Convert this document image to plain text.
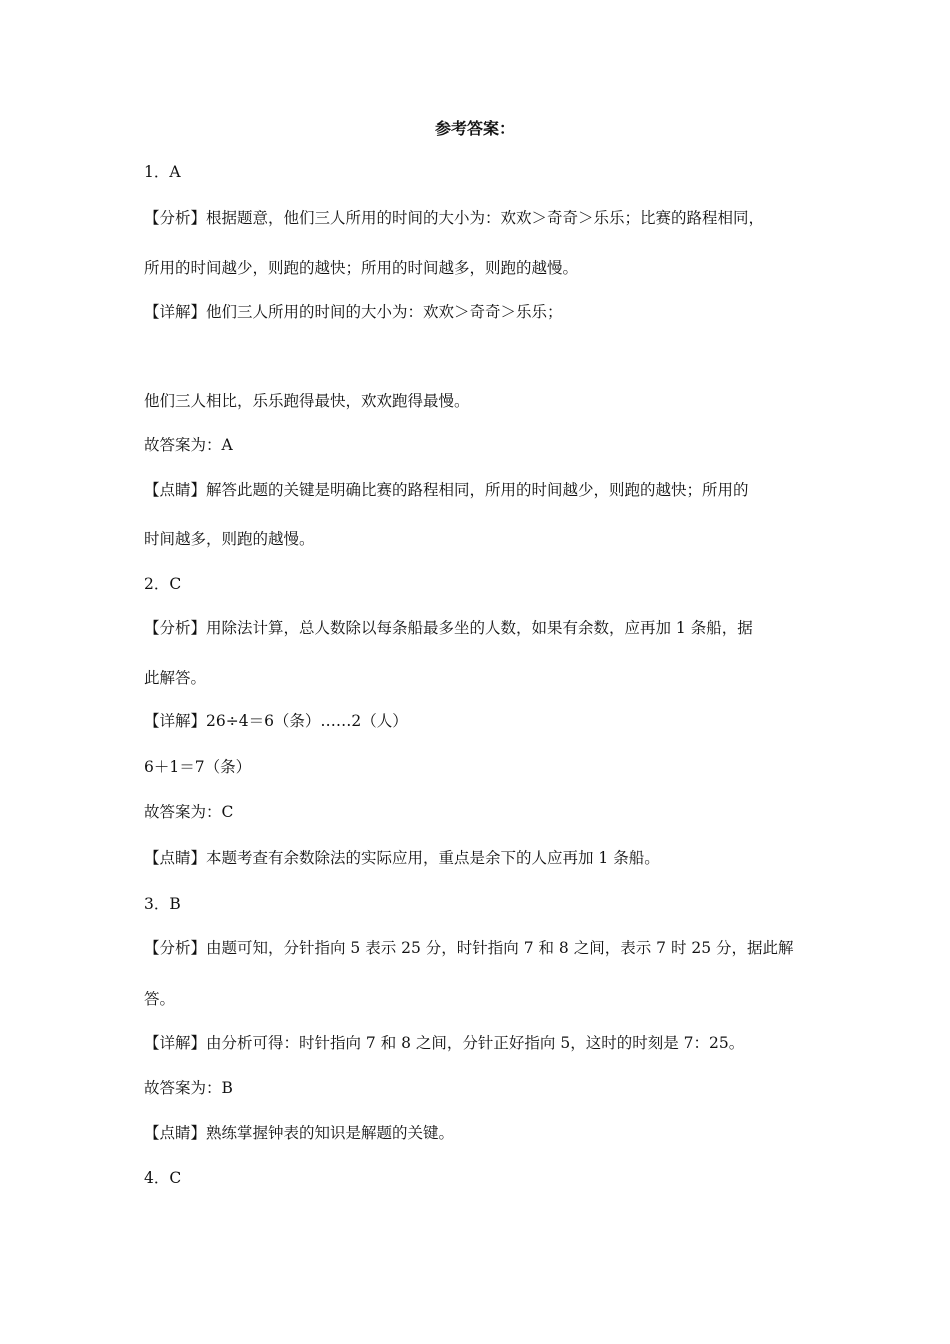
参考答案：
1．A
【分析】根据题意，他们三人所用的时间的大小为：欢欢＞奇奇＞乐乐；比赛的路程相同，
所用的时间越少，则跑的越快；所用的时间越多，则跑的越慢。
【详解】他们三人所用的时间的大小为：欢欢＞奇奇＞乐乐；
他们三人相比，乐乐跑得最快，欢欢跑得最慢。
故答案为：A
【点睛】解答此题的关键是明确比赛的路程相同，所用的时间越少，则跑的越快；所用的
时间越多，则跑的越慢。
2．C
【分析】用除法计算，总人数除以每条船最多坐的人数，如果有余数，应再加 1 条船，据
此解答。
【详解】26÷4＝6（条）……2（人）
6＋1＝7（条）
故答案为：C
【点睛】本题考查有余数除法的实际应用，重点是余下的人应再加 1 条船。
3．B
【分析】由题可知，分针指向 5 表示 25 分，时针指向 7 和 8 之间，表示 7 时 25 分，据此解
答。
【详解】由分析可得：时针指向 7 和 8 之间，分针正好指向 5，这时的时刻是 7：25。
故答案为：B
【点睛】熟练掌握钟表的知识是解题的关键。
4．C
